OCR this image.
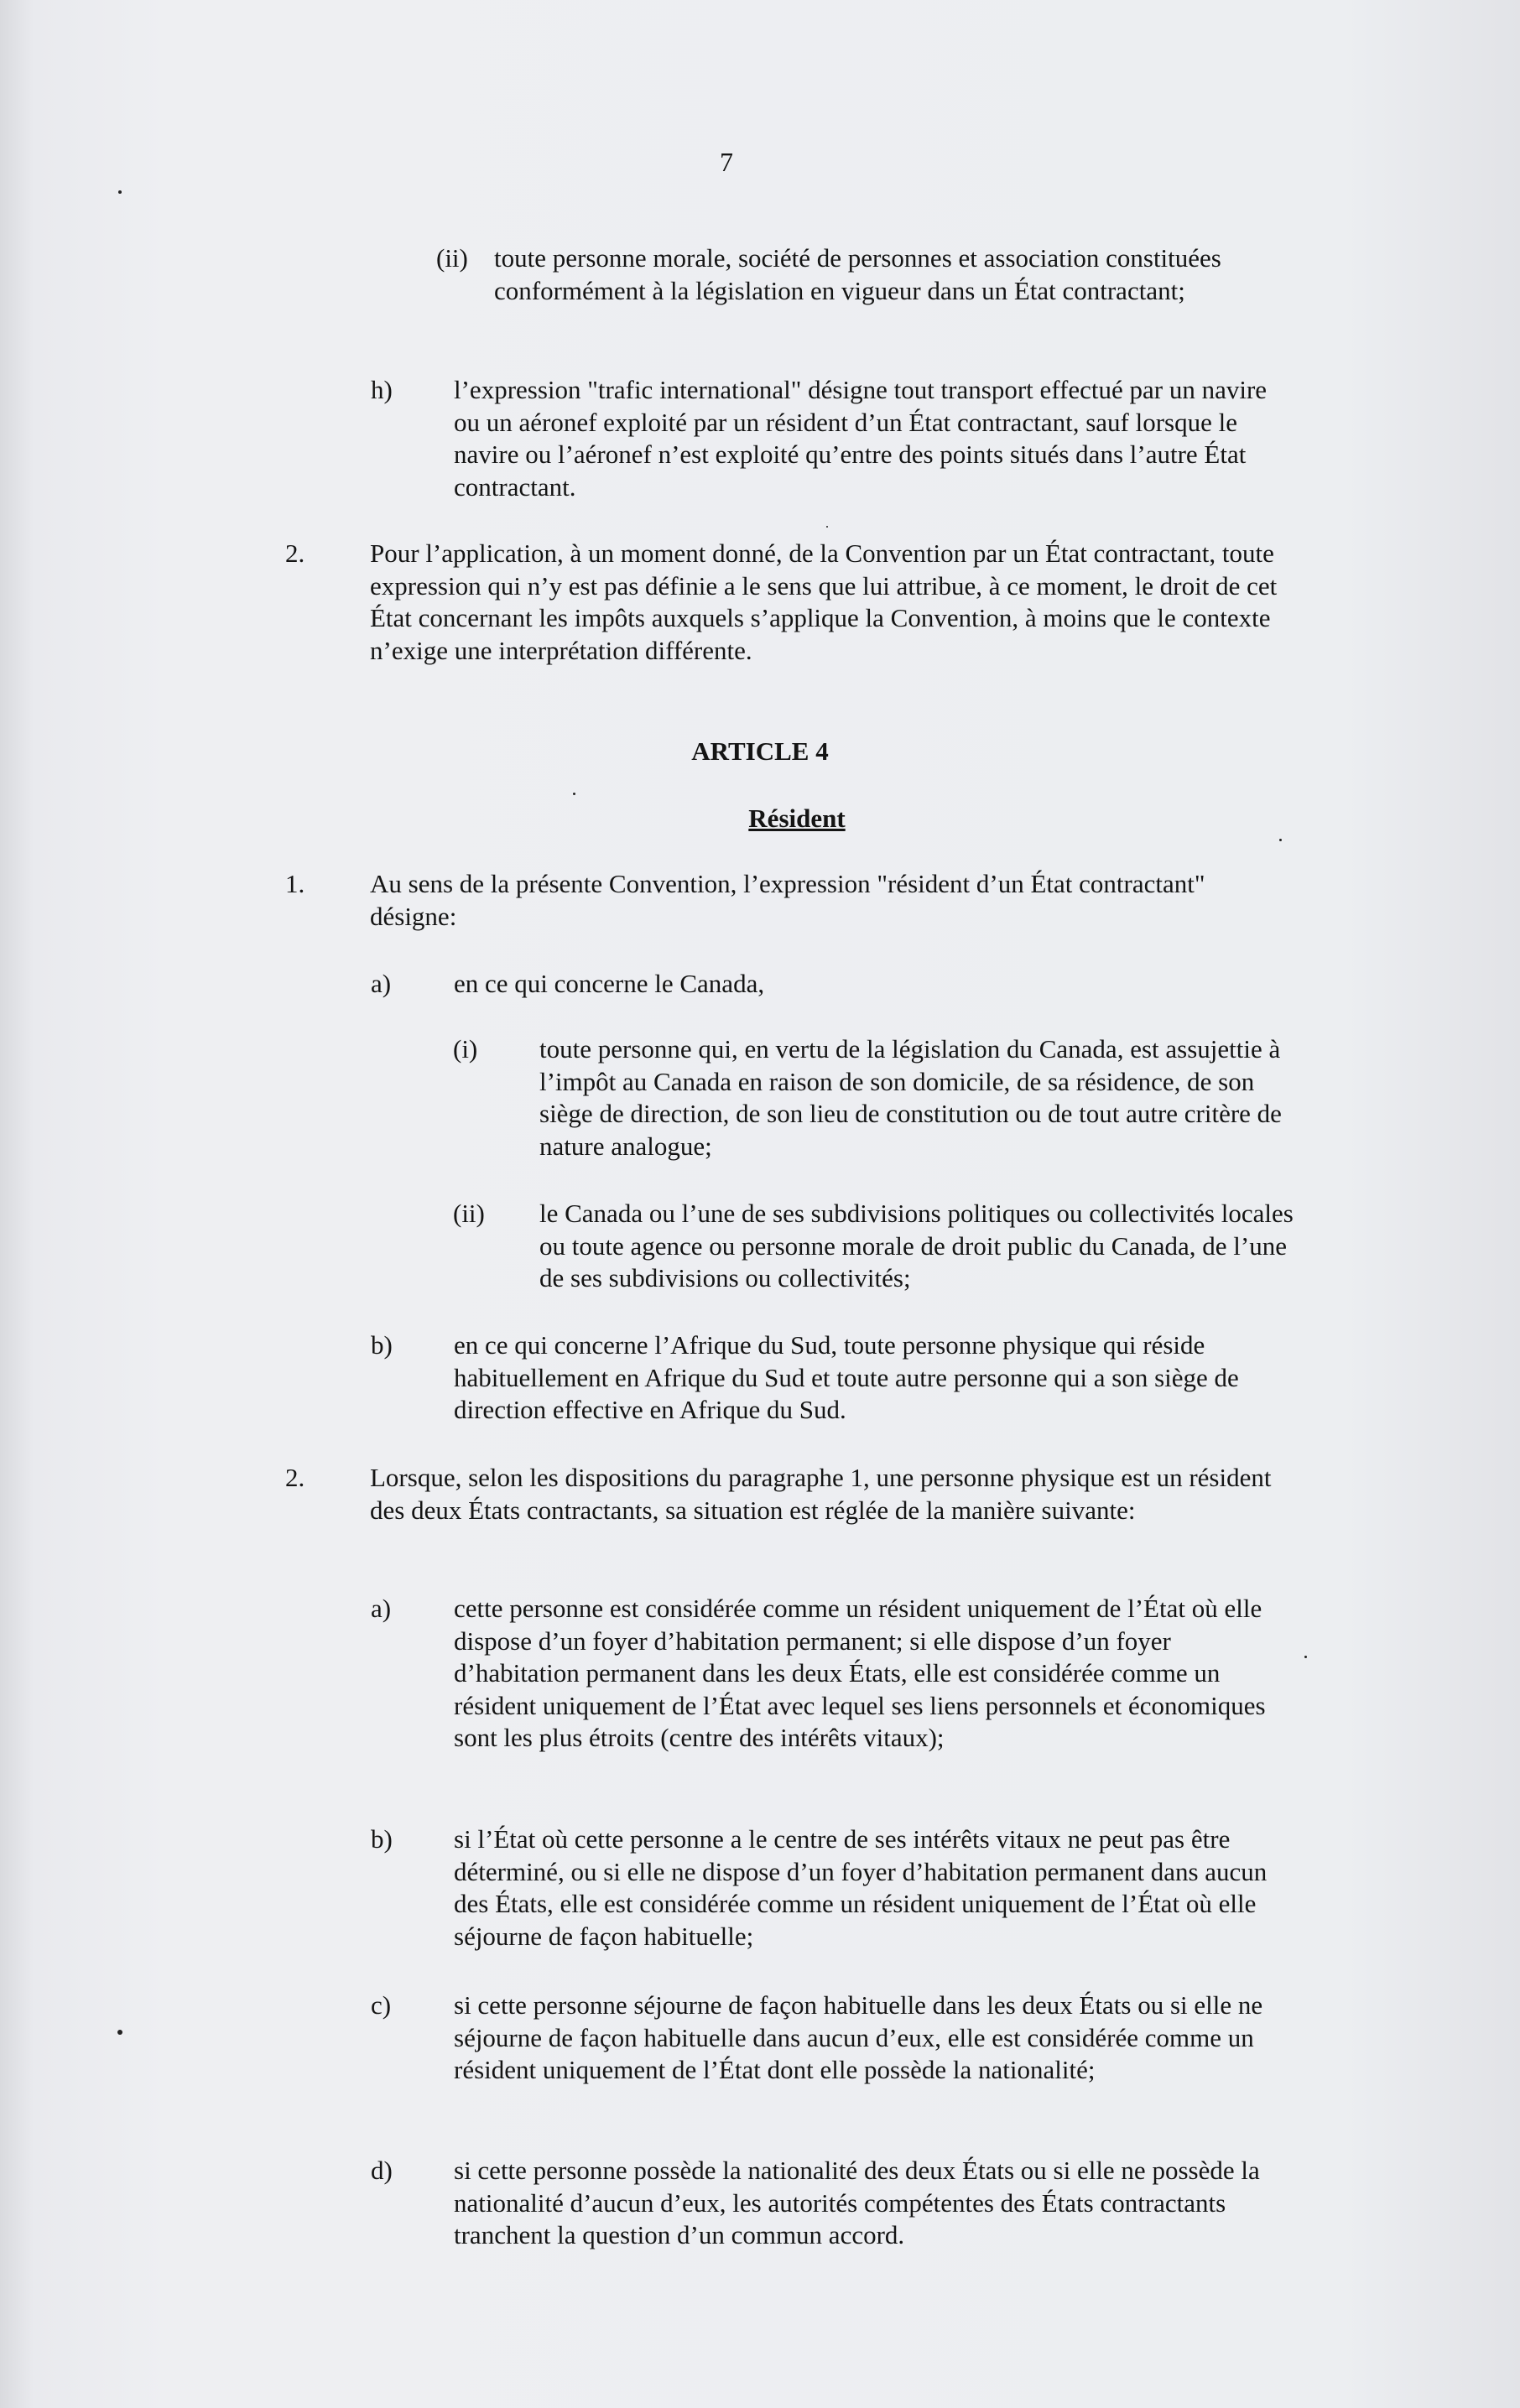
7
(ii) toute personne morale, société de personnes et association constituées conformément à la législation en vigueur dans un État contractant;
h) l’expression "trafic international" désigne tout transport effectué par un navire ou un aéronef exploité par un résident d’un État contractant, sauf lorsque le navire ou l’aéronef n’est exploité qu’entre des points situés dans l’autre État contractant.
2.	Pour l’application, à un moment donné, de la Convention par un État contractant, toute expression qui n’y est pas définie a le sens que lui attribue, à ce moment, le droit de cet État concernant les impôts auxquels s’applique la Convention, à moins que le contexte n’exige une interprétation différente.
ARTICLE 4
Résident
1.	Au sens de la présente Convention, l’expression "résident d’un État contractant" désigne:
a) en ce qui concerne le Canada,
(i) toute personne qui, en vertu de la législation du Canada, est assujettie à l’impôt au Canada en raison de son domicile, de sa résidence, de son siège de direction, de son lieu de constitution ou de tout autre critère de nature analogue;
(ii) le Canada ou l’une de ses subdivisions politiques ou collectivités locales ou toute agence ou personne morale de droit public du Canada, de l’une de ses subdivisions ou collectivités;
b) en ce qui concerne l’Afrique du Sud, toute personne physique qui réside habituellement en Afrique du Sud et toute autre personne qui a son siège de direction effective en Afrique du Sud.
2.	Lorsque, selon les dispositions du paragraphe 1, une personne physique est un résident des deux États contractants, sa situation est réglée de la manière suivante:
a) cette personne est considérée comme un résident uniquement de l’État où elle dispose d’un foyer d’habitation permanent; si elle dispose d’un foyer d’habitation permanent dans les deux États, elle est considérée comme un résident uniquement de l’État avec lequel ses liens personnels et économiques sont les plus étroits (centre des intérêts vitaux);
b) si l’État où cette personne a le centre de ses intérêts vitaux ne peut pas être déterminé, ou si elle ne dispose d’un foyer d’habitation permanent dans aucun des États, elle est considérée comme un résident uniquement de l’État où elle séjourne de façon habituelle;
c) si cette personne séjourne de façon habituelle dans les deux États ou si elle ne séjourne de façon habituelle dans aucun d’eux, elle est considérée comme un résident uniquement de l’État dont elle possède la nationalité;
d) si cette personne possède la nationalité des deux États ou si elle ne possède la nationalité d’aucun d’eux, les autorités compétentes des États contractants tranchent la question d’un commun accord.
